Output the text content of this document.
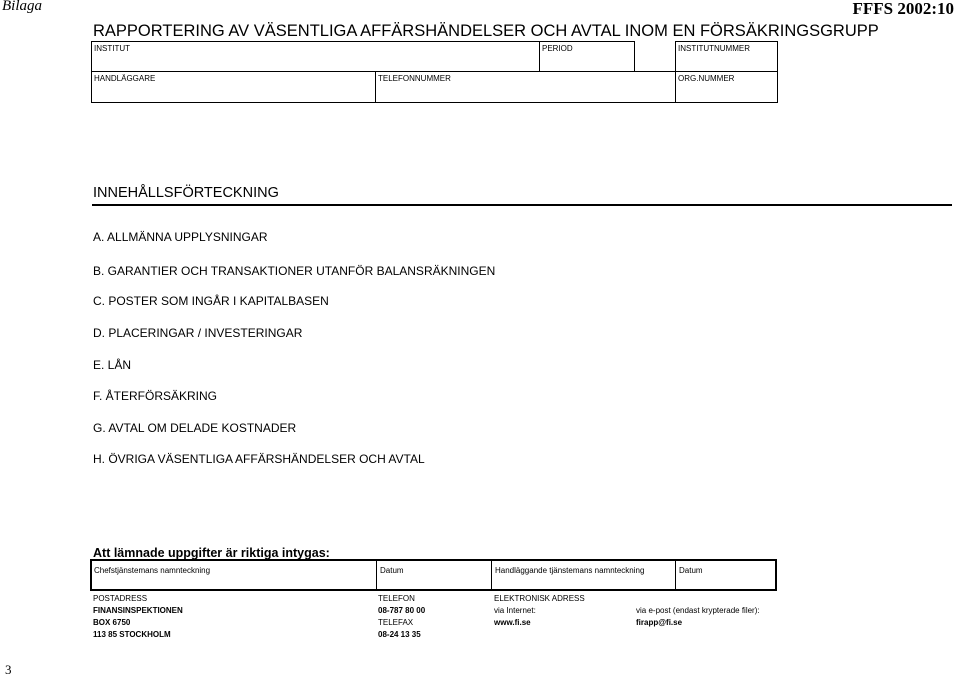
Bilaga	FFFS 2002:10
RAPPORTERING AV VÄSENTLIGA AFFÄRSHÄNDELSER OCH AVTAL INOM EN FÖRSÄKRINGSGRUPP
INSTITUT	PERIOD	INSTITUTNUMMER
HANDLÄGGARE	TELEFONNUMMER	ORG.NUMMER
INNEHÅLLSFÖRTECKNING
A. ALLMÄNNA UPPLYSNINGAR
B. GARANTIER OCH TRANSAKTIONER UTANFÖR BALANSRÄKNINGEN
C. POSTER SOM INGÅR I KAPITALBASEN
D. PLACERINGAR / INVESTERINGAR
E. LÅN
F. ÅTERFÖRSÄKRING
G. AVTAL OM DELADE KOSTNADER
H. ÖVRIGA VÄSENTLIGA AFFÄRSHÄNDELSER OCH AVTAL
Att lämnade uppgifter är riktiga intygas:
Chefstjänstemans namnteckning	Datum	Handläggande tjänstemans namnteckning	Datum
POSTADRESS
FINANSINSPEKTIONEN
BOX 6750
113 85 STOCKHOLM
TELEFON
08-787 80 00
TELEFAX
08-24 13 35
ELEKTRONISK ADRESS
via Internet:
www.fi.se
via e-post (endast krypterade filer):
firapp@fi.se
3
